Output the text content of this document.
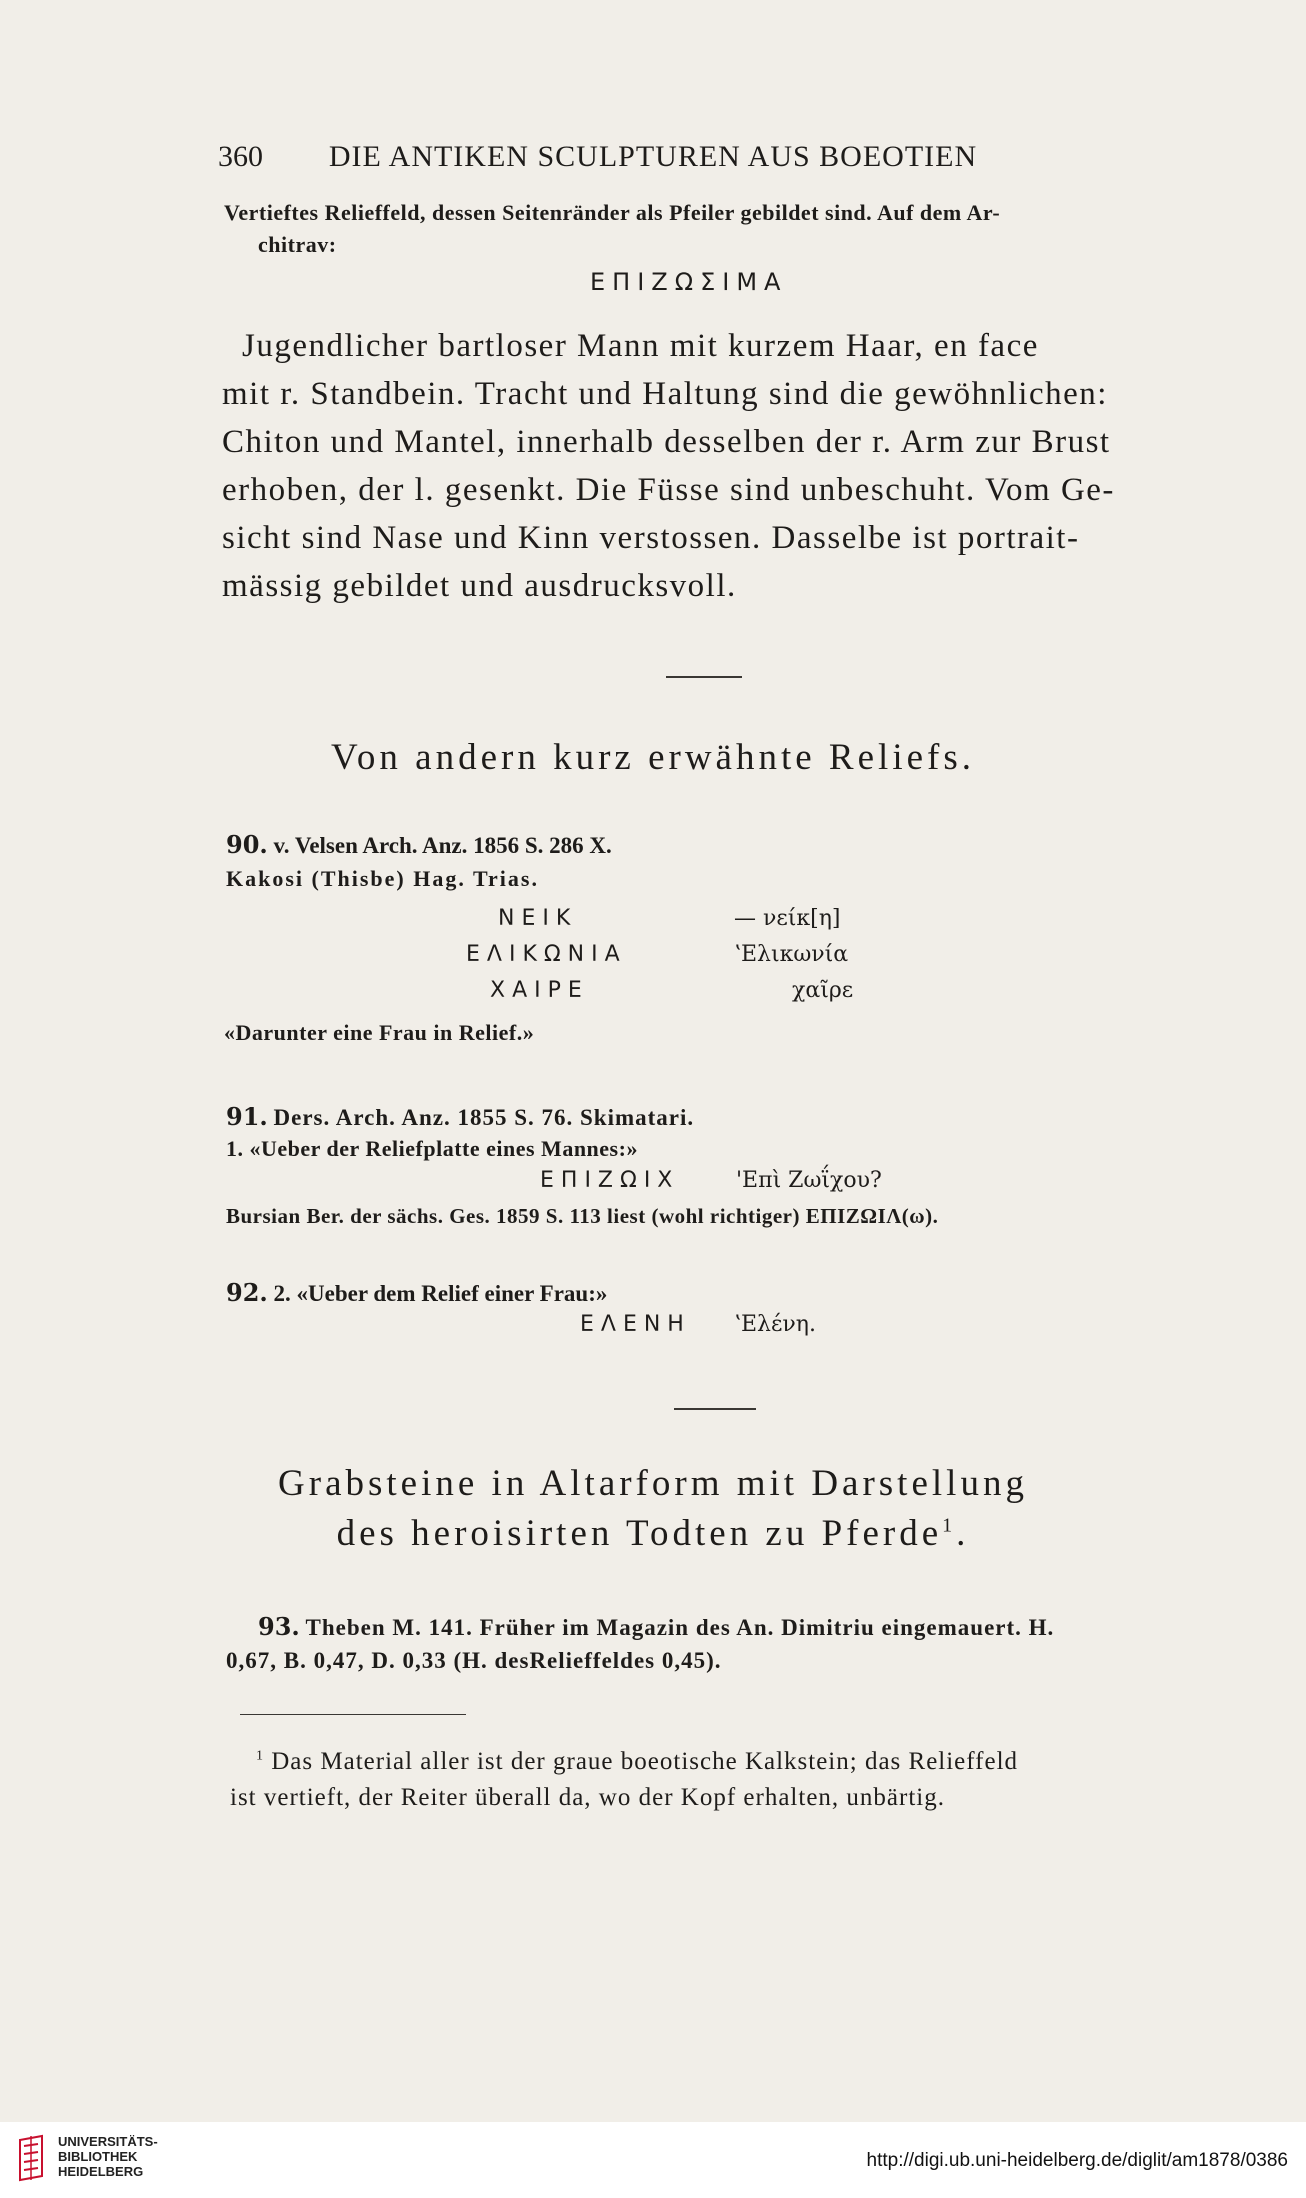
360	DIE ANTIKEN SCULPTUREN AUS BOEOTIEN
Vertieftes Relieffeld, dessen Seitenränder als Pfeiler gebildet sind. Auf dem Ar-
chitrav:
ΕΠΙΖΩΣΙΜΑ
Jugendlicher bartloser Mann mit kurzem Haar, en face
mit r. Standbein. Tracht und Haltung sind die gewöhnlichen:
Chiton und Mantel, innerhalb desselben der r. Arm zur Brust
erhoben, der l. gesenkt. Die Füsse sind unbeschuht. Vom Ge-
sicht sind Nase und Kinn verstossen. Dasselbe ist portrait-
mässig gebildet und ausdrucksvoll.
Von andern kurz erwähnte Reliefs.
90. v. Velsen Arch. Anz. 1856 S. 286 X.
Kakosi (Thisbe) Hag. Trias.
ΝΕΙΚ
ΕΛΙΚΩΝΙΑ
ΧΑΙΡΕ
— νείκ[η]
ʽΕλικωνία
χαῖρε
«Darunter eine Frau in Relief.»
91. Ders. Arch. Anz. 1855 S. 76. Skimatari.
1. «Ueber der Reliefplatte eines Mannes:»
ΕΠΙΖΩΙΧ	'Επὶ Ζωΐχου?
Bursian Ber. der sächs. Ges. 1859 S. 113 liest (wohl richtiger) ΕΠΙΖΩΙΛ(ω).
92. 2. «Ueber dem Relief einer Frau:»
ΕΛΕΝΗ ʽΕλένη.
Grabsteine in Altarform mit Darstellung
des heroisirten Todten zu Pferde$^1$.
93. Theben M. 141. Früher im Magazin des An. Dimitriu eingemauert. H.
0,67, B. 0,47, D. 0,33 (H. desRelieffeldes 0,45).
$^1$ Das Material aller ist der graue boeotische Kalkstein; das Relieffeld
ist vertieft, der Reiter überall da, wo der Kopf erhalten, unbärtig.
UNIVERSITÄTS-
BIBLIOTHEK
HEIDELBERG
http://digi.ub.uni-heidelberg.de/diglit/am1878/0386
